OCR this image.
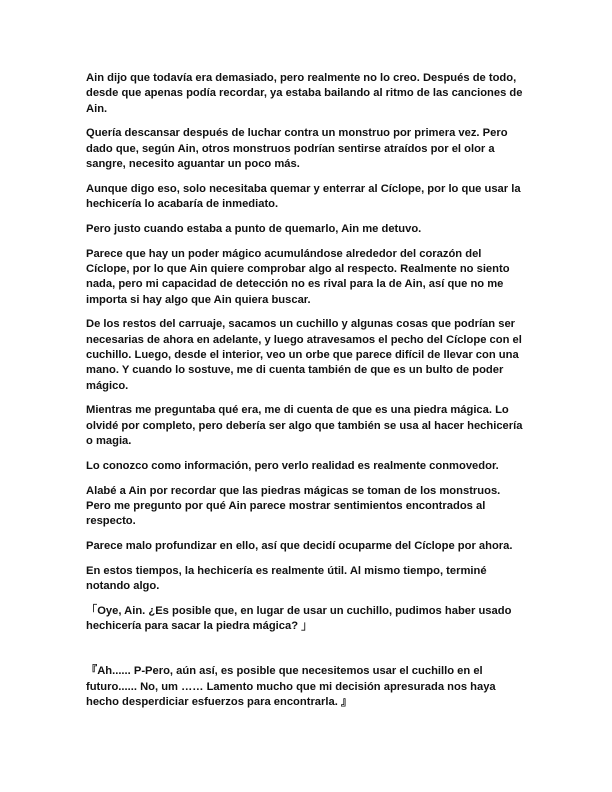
Ain dijo que todavía era demasiado, pero realmente no lo creo. Después de todo, desde que apenas podía recordar, ya estaba bailando al ritmo de las canciones de Ain.

Quería descansar después de luchar contra un monstruo por primera vez. Pero dado que, según Ain, otros monstruos podrían sentirse atraídos por el olor a sangre, necesito aguantar un poco más.

Aunque digo eso, solo necesitaba quemar y enterrar al Cíclope, por lo que usar la hechicería lo acabaría de inmediato.

Pero justo cuando estaba a punto de quemarlo, Ain me detuvo.

Parece que hay un poder mágico acumulándose alrededor del corazón del Cíclope, por lo que Ain quiere comprobar algo al respecto. Realmente no siento nada, pero mi capacidad de detección no es rival para la de Ain, así que no me importa si hay algo que Ain quiera buscar.

De los restos del carruaje, sacamos un cuchillo y algunas cosas que podrían ser necesarias de ahora en adelante, y luego atravesamos el pecho del Cíclope con el cuchillo. Luego, desde el interior, veo un orbe que parece difícil de llevar con una mano. Y cuando lo sostuve, me di cuenta también de que es un bulto de poder mágico.

Mientras me preguntaba qué era, me di cuenta de que es una piedra mágica. Lo olvidé por completo, pero debería ser algo que también se usa al hacer hechicería o magia.

Lo conozco como información, pero verlo realidad es realmente conmovedor.

Alabé a Ain por recordar que las piedras mágicas se toman de los monstruos. Pero me pregunto por qué Ain parece mostrar sentimientos encontrados al respecto.

Parece malo profundizar en ello, así que decidí ocuparme del Cíclope por ahora.

En estos tiempos, la hechicería es realmente útil. Al mismo tiempo, terminé notando algo.

「Oye, Ain. ¿Es posible que, en lugar de usar un cuchillo, pudimos haber usado hechicería para sacar la piedra mágica? 」

『Ah...... P-Pero, aún así, es posible que necesitemos usar el cuchillo en el futuro...... No, um …… Lamento mucho que mi decisión apresurada nos haya hecho desperdiciar esfuerzos para encontrarla. 』
